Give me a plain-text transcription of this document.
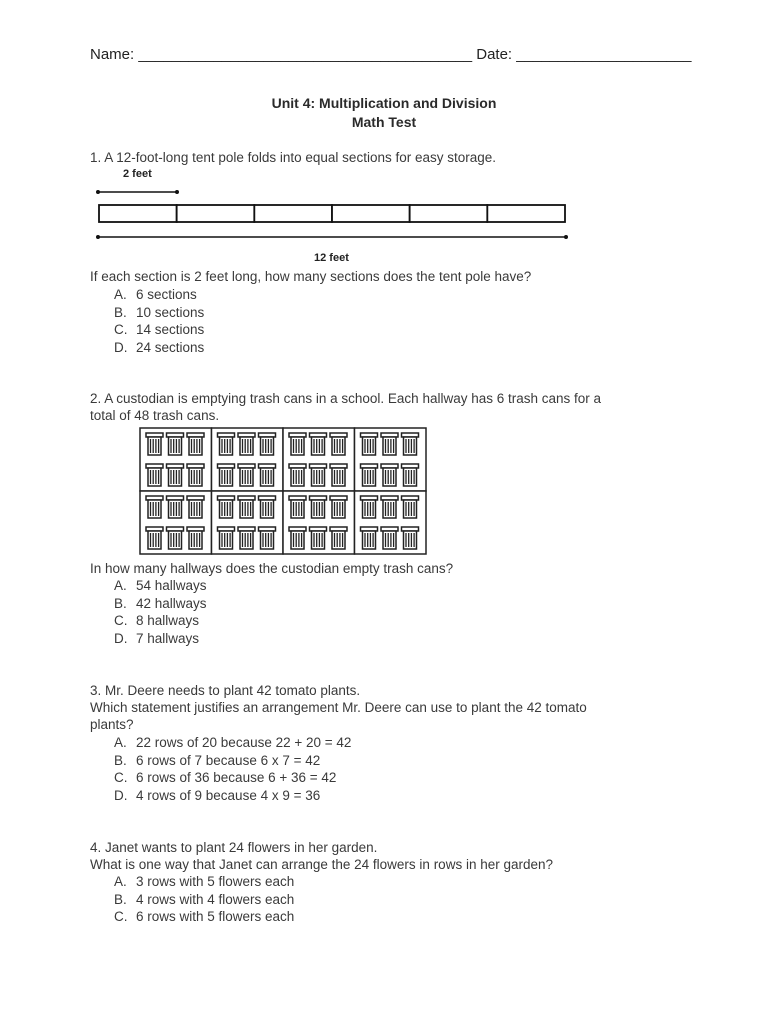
Name: ________________________________________ Date: _____________________
Unit 4: Multiplication and Division
Math Test
1. A 12-foot-long tent pole folds into equal sections for easy storage.
2 feet
12 feet
If each section is 2 feet long, how many sections does the tent pole have?
A. 6 sections
B. 10 sections
C. 14 sections
D. 24 sections
2. A custodian is emptying trash cans in a school. Each hallway has 6 trash cans for a
total of 48 trash cans.
In how many hallways does the custodian empty trash cans?
A. 54 hallways
B. 42 hallways
C. 8 hallways
D. 7 hallways
3. Mr. Deere needs to plant 42 tomato plants.
Which statement justifies an arrangement Mr. Deere can use to plant the 42 tomato
plants?
A. 22 rows of 20 because 22 + 20 = 42
B. 6 rows of 7 because 6 x 7 = 42
C. 6 rows of 36 because 6 + 36 = 42
D. 4 rows of 9 because 4 x 9 = 36
4. Janet wants to plant 24 flowers in her garden.
What is one way that Janet can arrange the 24 flowers in rows in her garden?
A. 3 rows with 5 flowers each
B. 4 rows with 4 flowers each
C. 6 rows with 5 flowers each
